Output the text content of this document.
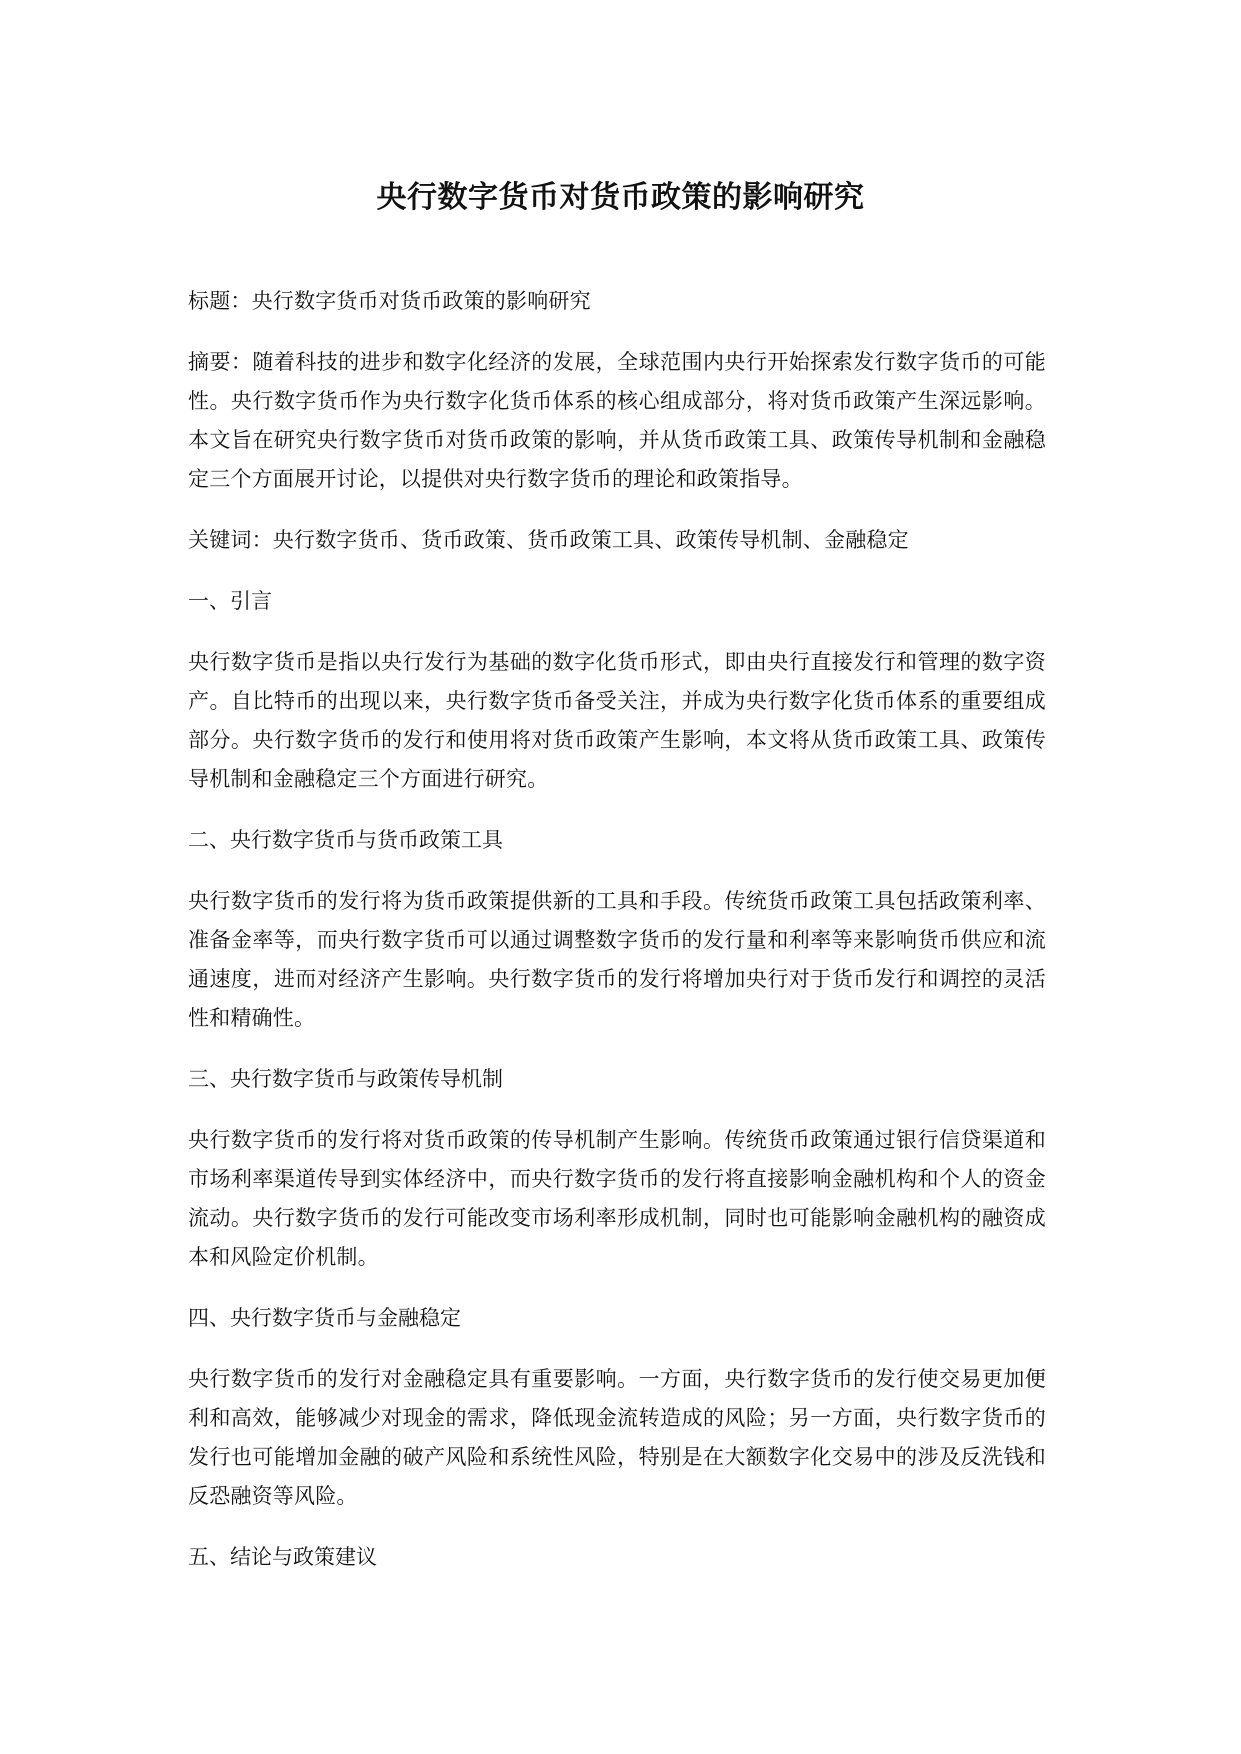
央行数字货币对货币政策的影响研究

标题：央行数字货币对货币政策的影响研究

摘要：随着科技的进步和数字化经济的发展，全球范围内央行开始探索发行数字货币的可能性。央行数字货币作为央行数字化货币体系的核心组成部分，将对货币政策产生深远影响。本文旨在研究央行数字货币对货币政策的影响，并从货币政策工具、政策传导机制和金融稳定三个方面展开讨论，以提供对央行数字货币的理论和政策指导。

关键词：央行数字货币、货币政策、货币政策工具、政策传导机制、金融稳定

一、引言

央行数字货币是指以央行发行为基础的数字化货币形式，即由央行直接发行和管理的数字资产。自比特币的出现以来，央行数字货币备受关注，并成为央行数字化货币体系的重要组成部分。央行数字货币的发行和使用将对货币政策产生影响，本文将从货币政策工具、政策传导机制和金融稳定三个方面进行研究。

二、央行数字货币与货币政策工具

央行数字货币的发行将为货币政策提供新的工具和手段。传统货币政策工具包括政策利率、准备金率等，而央行数字货币可以通过调整数字货币的发行量和利率等来影响货币供应和流通速度，进而对经济产生影响。央行数字货币的发行将增加央行对于货币发行和调控的灵活性和精确性。

三、央行数字货币与政策传导机制

央行数字货币的发行将对货币政策的传导机制产生影响。传统货币政策通过银行信贷渠道和市场利率渠道传导到实体经济中，而央行数字货币的发行将直接影响金融机构和个人的资金流动。央行数字货币的发行可能改变市场利率形成机制，同时也可能影响金融机构的融资成本和风险定价机制。

四、央行数字货币与金融稳定

央行数字货币的发行对金融稳定具有重要影响。一方面，央行数字货币的发行使交易更加便利和高效，能够减少对现金的需求，降低现金流转造成的风险；另一方面，央行数字货币的发行也可能增加金融的破产风险和系统性风险，特别是在大额数字化交易中的涉及反洗钱和反恐融资等风险。

五、结论与政策建议
